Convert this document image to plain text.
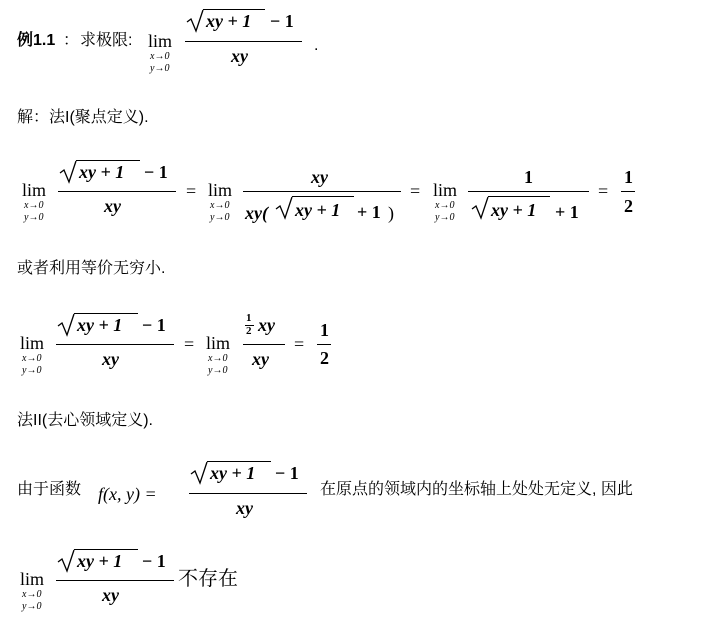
例1.1 ： 求极限: lim
x→0
y→0
xy + 1 − 1
xy
.
解：法I(聚点定义).
lim
x→0
y→0
xy + 1 − 1
xy
= lim
x→0
y→0
xy
xy( xy + 1 + 1 )
= lim
x→0
y→0
1
xy + 1 + 1
=
1
2
或者利用等价无穷小.
lim
x→0
y→0
xy + 1 − 1
xy
= lim
x→0
y→0
1
2 xy
xy
=
1
2
法II(去心领域定义).
由于函数 f(x, y) =
xy + 1 − 1
xy
在原点的领域内的坐标轴上处处无定义, 因此
lim
x→0
y→0
xy + 1 − 1
xy
不存在
